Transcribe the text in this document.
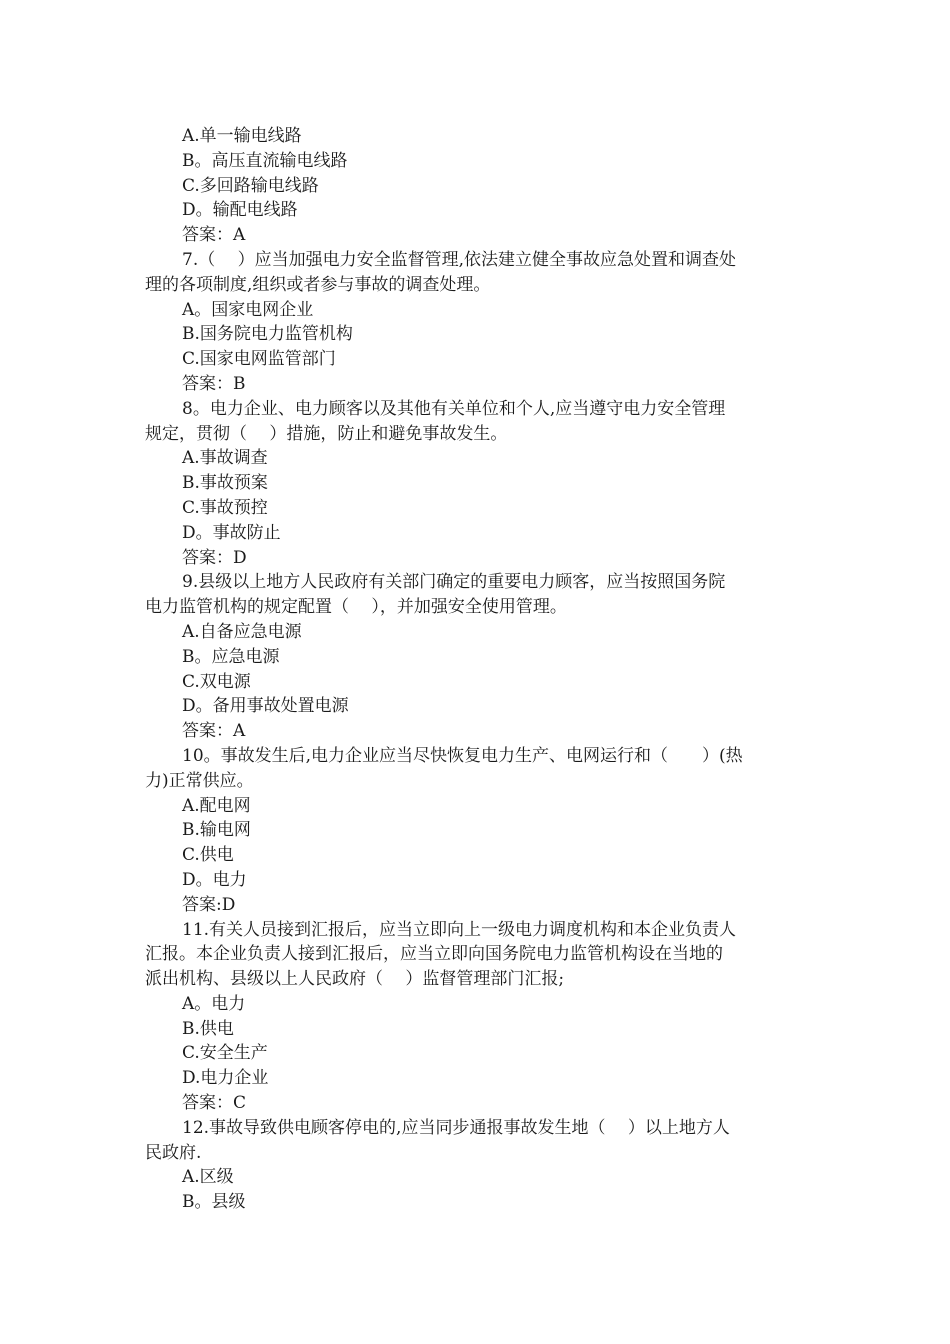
A.单一输电线路
B。高压直流输电线路
C.多回路输电线路
D。输配电线路
答案：A
7.（　 ）应当加强电力安全监督管理,依法建立健全事故应急处置和调查处
理的各项制度,组织或者参与事故的调查处理。
A。国家电网企业
B.国务院电力监管机构
C.国家电网监管部门
答案：B
8。电力企业、电力顾客以及其他有关单位和个人,应当遵守电力安全管理
规定，贯彻（　 ）措施，防止和避免事故发生。
A.事故调查
B.事故预案
C.事故预控
D。事故防止
答案：D
9.县级以上地方人民政府有关部门确定的重要电力顾客，应当按照国务院
电力监管机构的规定配置（　 ），并加强安全使用管理。
A.自备应急电源
B。应急电源
C.双电源
D。备用事故处置电源
答案：A
10。事故发生后,电力企业应当尽快恢复电力生产、电网运行和（　　）(热
力)正常供应。
A.配电网
B.输电网
C.供电
D。电力
答案:D
11.有关人员接到汇报后，应当立即向上一级电力调度机构和本企业负责人
汇报。本企业负责人接到汇报后，应当立即向国务院电力监管机构设在当地的
派出机构、县级以上人民政府（　 ）监督管理部门汇报;
A。电力
B.供电
C.安全生产
D.电力企业
答案：C
12.事故导致供电顾客停电的,应当同步通报事故发生地（　 ）以上地方人
民政府.
A.区级
B。县级
